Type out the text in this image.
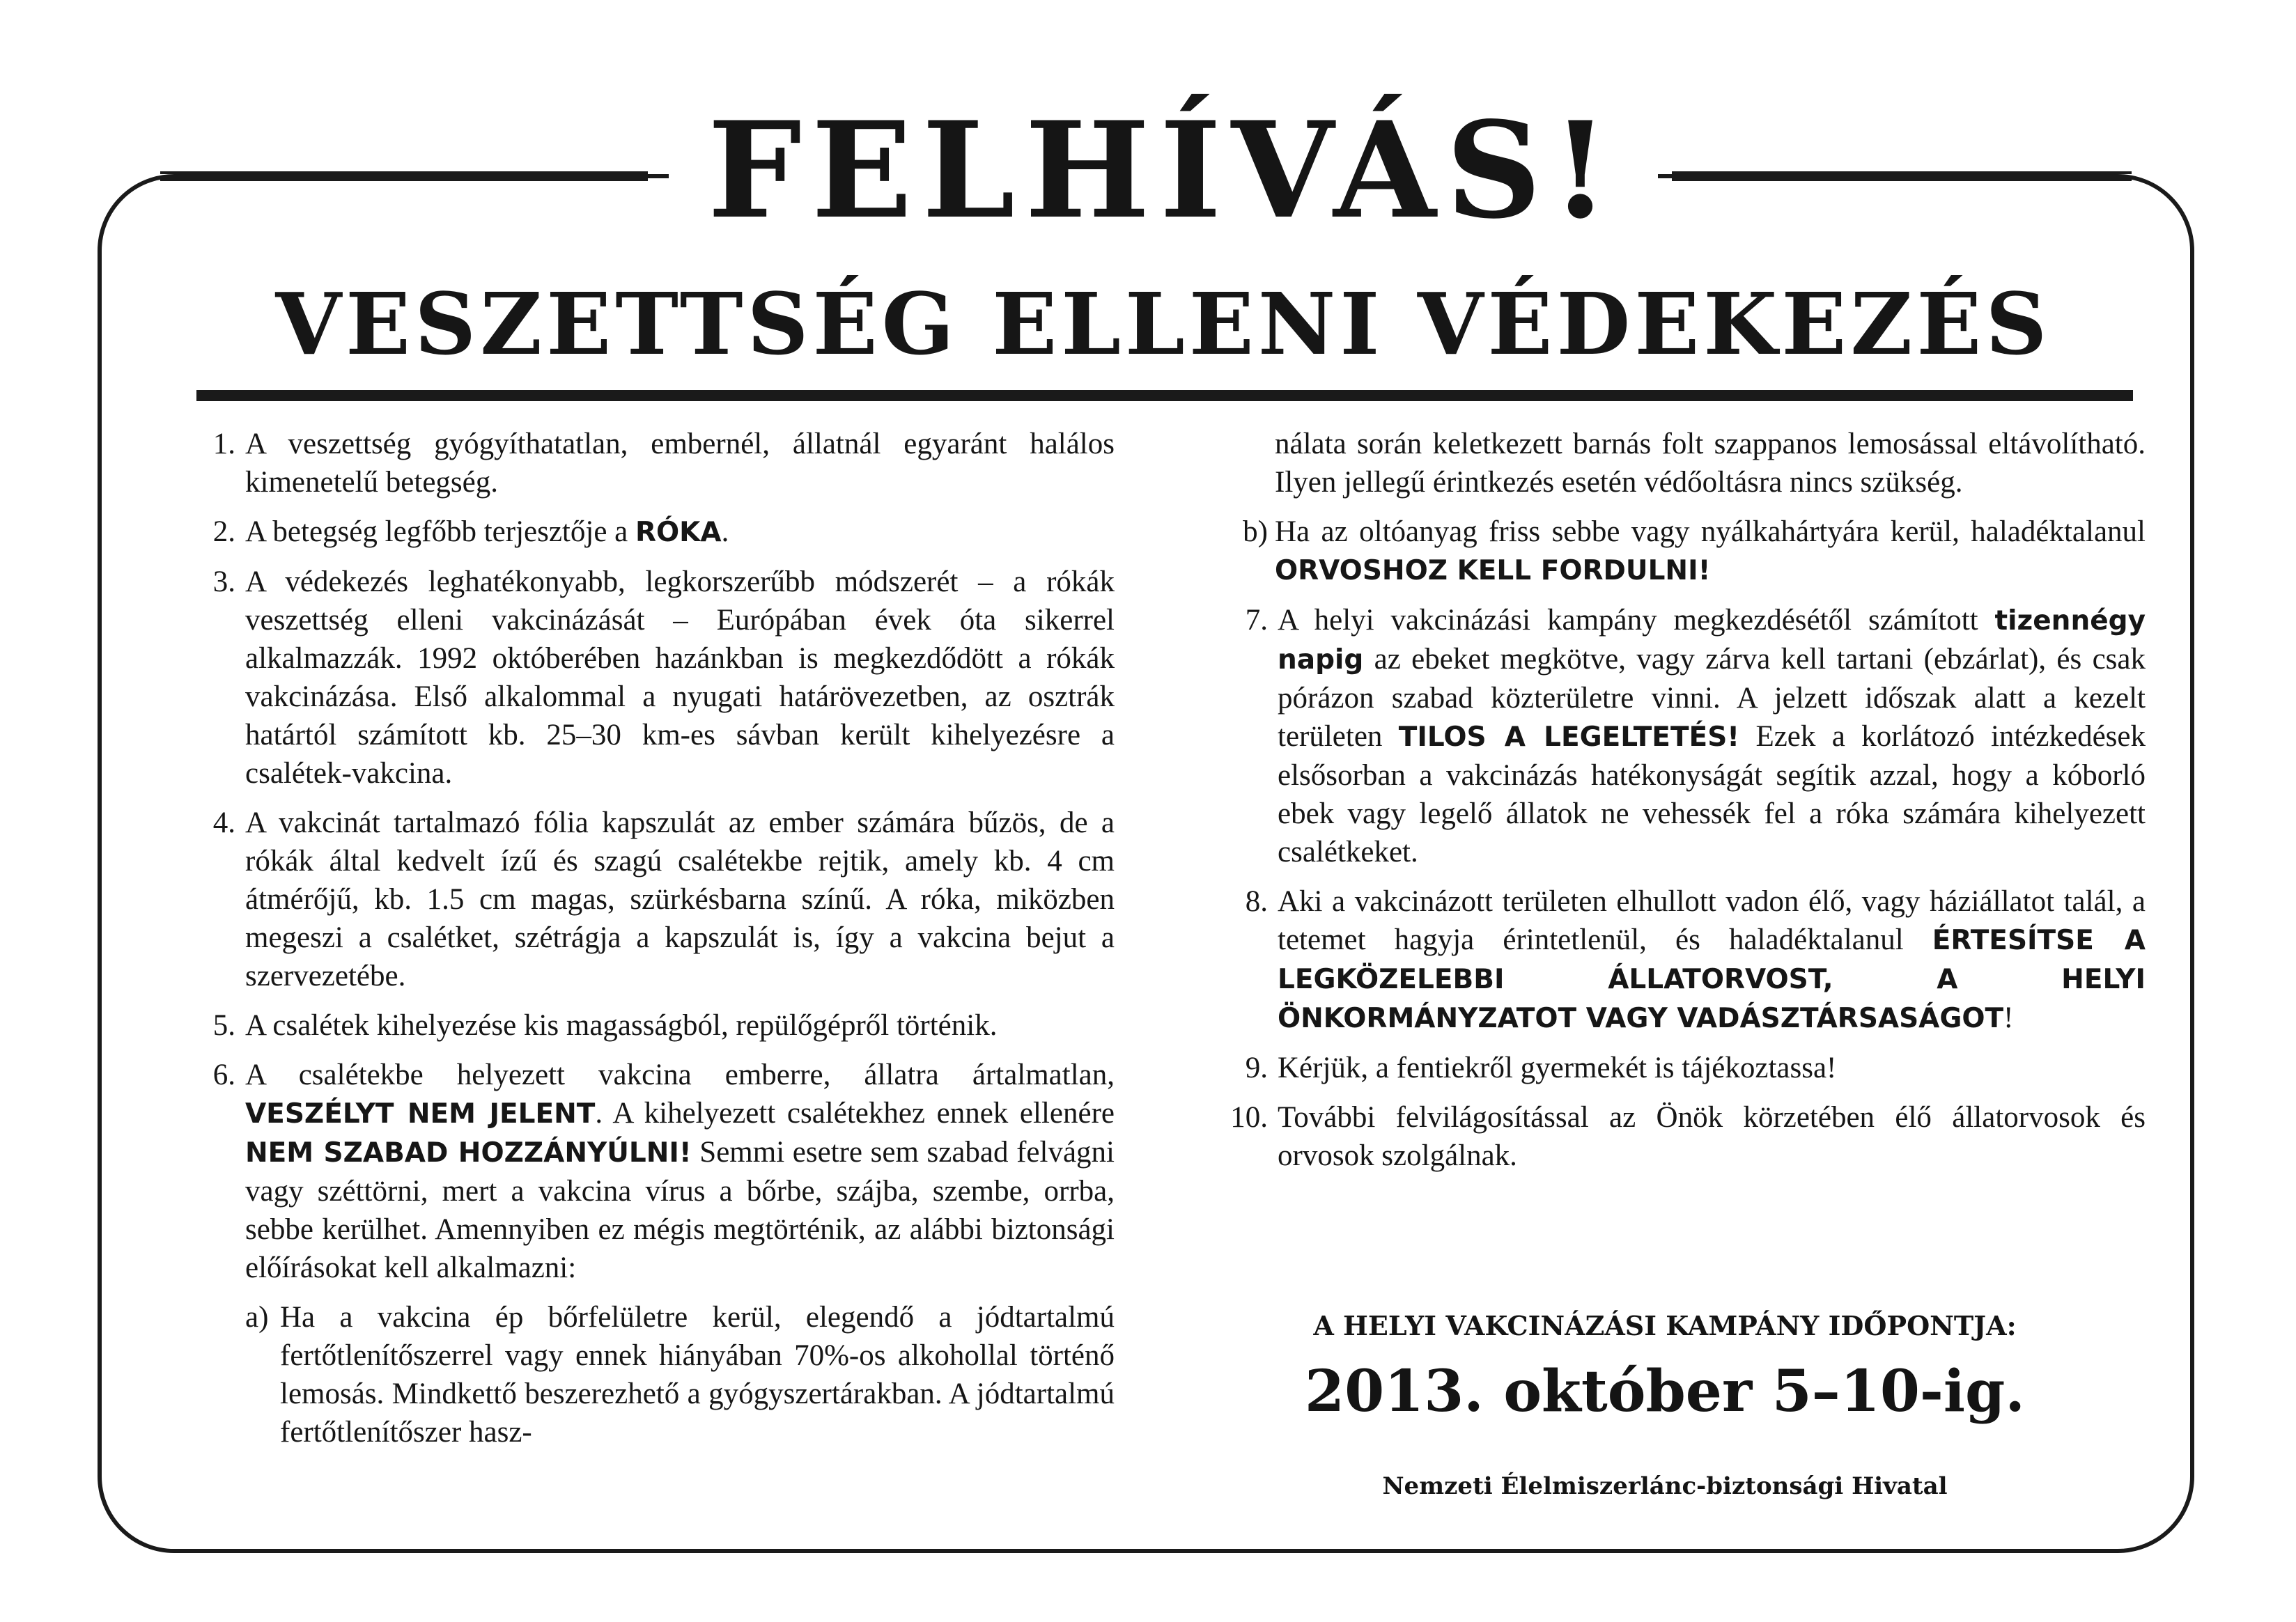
FELHÍVÁS!
VESZETTSÉG ELLENI VÉDEKEZÉS
1. A veszettség gyógyíthatatlan, embernél, állatnál egyaránt halálos kimenetelű betegség.
2. A betegség legfőbb terjesztője a RÓKA.
3. A védekezés leghatékonyabb, legkorszerűbb módszerét – a rókák veszettség elleni vakcinázását – Európában évek óta sikerrel alkalmazzák. 1992 októberében hazánkban is megkezdődött a rókák vakcinázása. Első alkalommal a nyugati határövezetben, az osztrák határtól számított kb. 25–30 km-es sávban került kihelyezésre a csalétek-vakcina.
4. A vakcinát tartalmazó fólia kapszulát az ember számára bűzös, de a rókák által kedvelt ízű és szagú csalétekbe rejtik, amely kb. 4 cm átmérőjű, kb. 1.5 cm magas, szürkésbarna színű. A róka, miközben megeszi a csalétket, szétrágja a kapszulát is, így a vakcina bejut a szervezetébe.
5. A csalétek kihelyezése kis magasságból, repülőgépről történik.
6. A csalétekbe helyezett vakcina emberre, állatra ártalmatlan, VESZÉLYT NEM JELENT. A kihelyezett csalétekhez ennek ellenére NEM SZABAD HOZZÁNYÚLNI! Semmi esetre sem szabad felvágni vagy széttörni, mert a vakcina vírus a bőrbe, szájba, szembe, orrba, sebbe kerülhet. Amennyiben ez mégis megtörténik, az alábbi biztonsági előírásokat kell alkalmazni:
a) Ha a vakcina ép bőrfelületre kerül, elegendő a jódtartalmú fertőtlenítőszerrel vagy ennek hiányában 70%-os alkohollal történő lemosás. Mindkettő beszerezhető a gyógyszertárakban. A jódtartalmú fertőtlenítőszer hasz-
nálata során keletkezett barnás folt szappanos lemosással eltávolítható. Ilyen jellegű érintkezés esetén védőoltásra nincs szükség.
b) Ha az oltóanyag friss sebbe vagy nyálkahártyára kerül, haladéktalanul ORVOSHOZ KELL FORDULNI!
7. A helyi vakcinázási kampány megkezdésétől számított tizennégy napig az ebeket megkötve, vagy zárva kell tartani (ebzárlat), és csak pórázon szabad közterületre vinni. A jelzett időszak alatt a kezelt területen TILOS A LEGELTETÉS! Ezek a korlátozó intézkedések elsősorban a vakcinázás hatékonyságát segítik azzal, hogy a kóborló ebek vagy legelő állatok ne vehessék fel a róka számára kihelyezett csalétkeket.
8. Aki a vakcinázott területen elhullott vadon élő, vagy háziállatot talál, a tetemet hagyja érintetlenül, és haladéktalanul ÉRTESÍTSE A LEGKÖZELEBBI ÁLLATORVOST, A HELYI ÖNKORMÁNYZATOT VAGY VADÁSZTÁRSASÁGOT!
9. Kérjük, a fentiekről gyermekét is tájékoztassa!
10. További felvilágosítással az Önök körzetében élő állatorvosok és orvosok szolgálnak.
A HELYI VAKCINÁZÁSI KAMPÁNY IDŐPONTJA:
2013. október 5–10-ig.
Nemzeti Élelmiszerlánc-biztonsági Hivatal
